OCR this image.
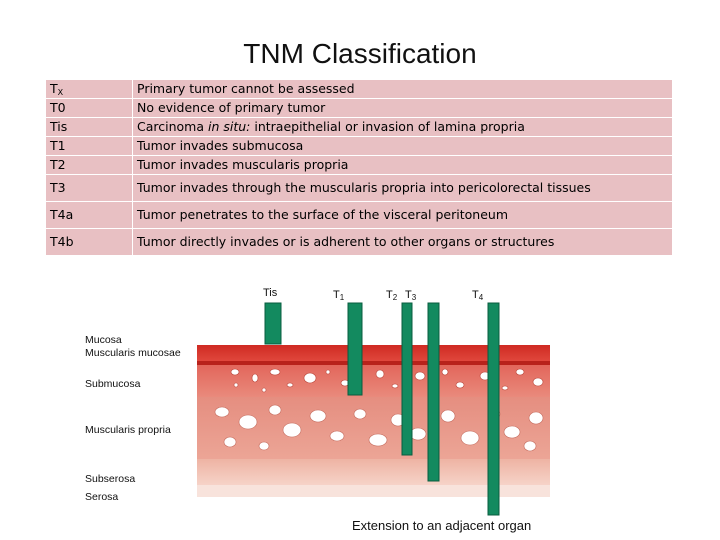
TNM Classification
$T_X$	Primary tumor cannot be assessed
T0	No evidence of primary tumor
Tis	Carcinoma in situ: intraepithelial or invasion of lamina propria
T1	Tumor invades submucosa
T2	Tumor invades muscularis propria
T3	Tumor invades through the muscularis propria into pericolorectal tissues
T4a	Tumor penetrates to the surface of the visceral peritoneum
T4b	Tumor directly invades or is adherent to other organs or structures
Tis	$T_1$	$T_2$ $T_3$	$T_4$
Mucosa
Muscularis mucosae
Submucosa
Muscularis propria
Subserosa
Serosa
Extension to an adjacent organ
